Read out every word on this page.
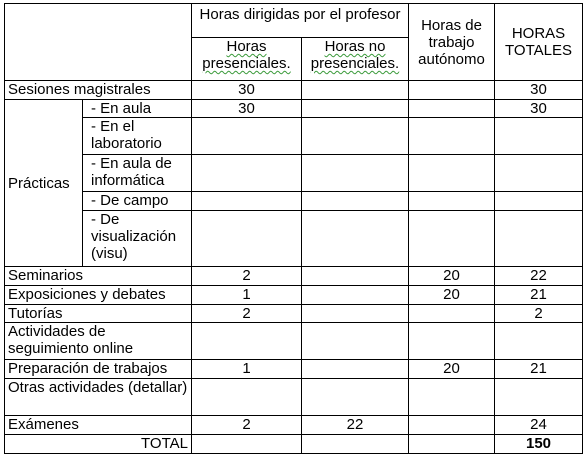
		Horas dirigidas por el profesor		Horas de trabajo autónomo	HORAS TOTALES
		Horas presenciales.	Horas no presenciales.		
Sesiones magistrales		30			30
Prácticas	- En aula	30			30
	- En el laboratorio				
	- En aula de informática				
	- De campo				
	- De visualización (visu)				
Seminarios		2		20	22
Exposiciones y debates		1		20	21
Tutorías		2			2
Actividades de seguimiento online					
Preparación de trabajos		1		20	21
Otras actividades (detallar)					
Exámenes		2	22		24
TOTAL					150
